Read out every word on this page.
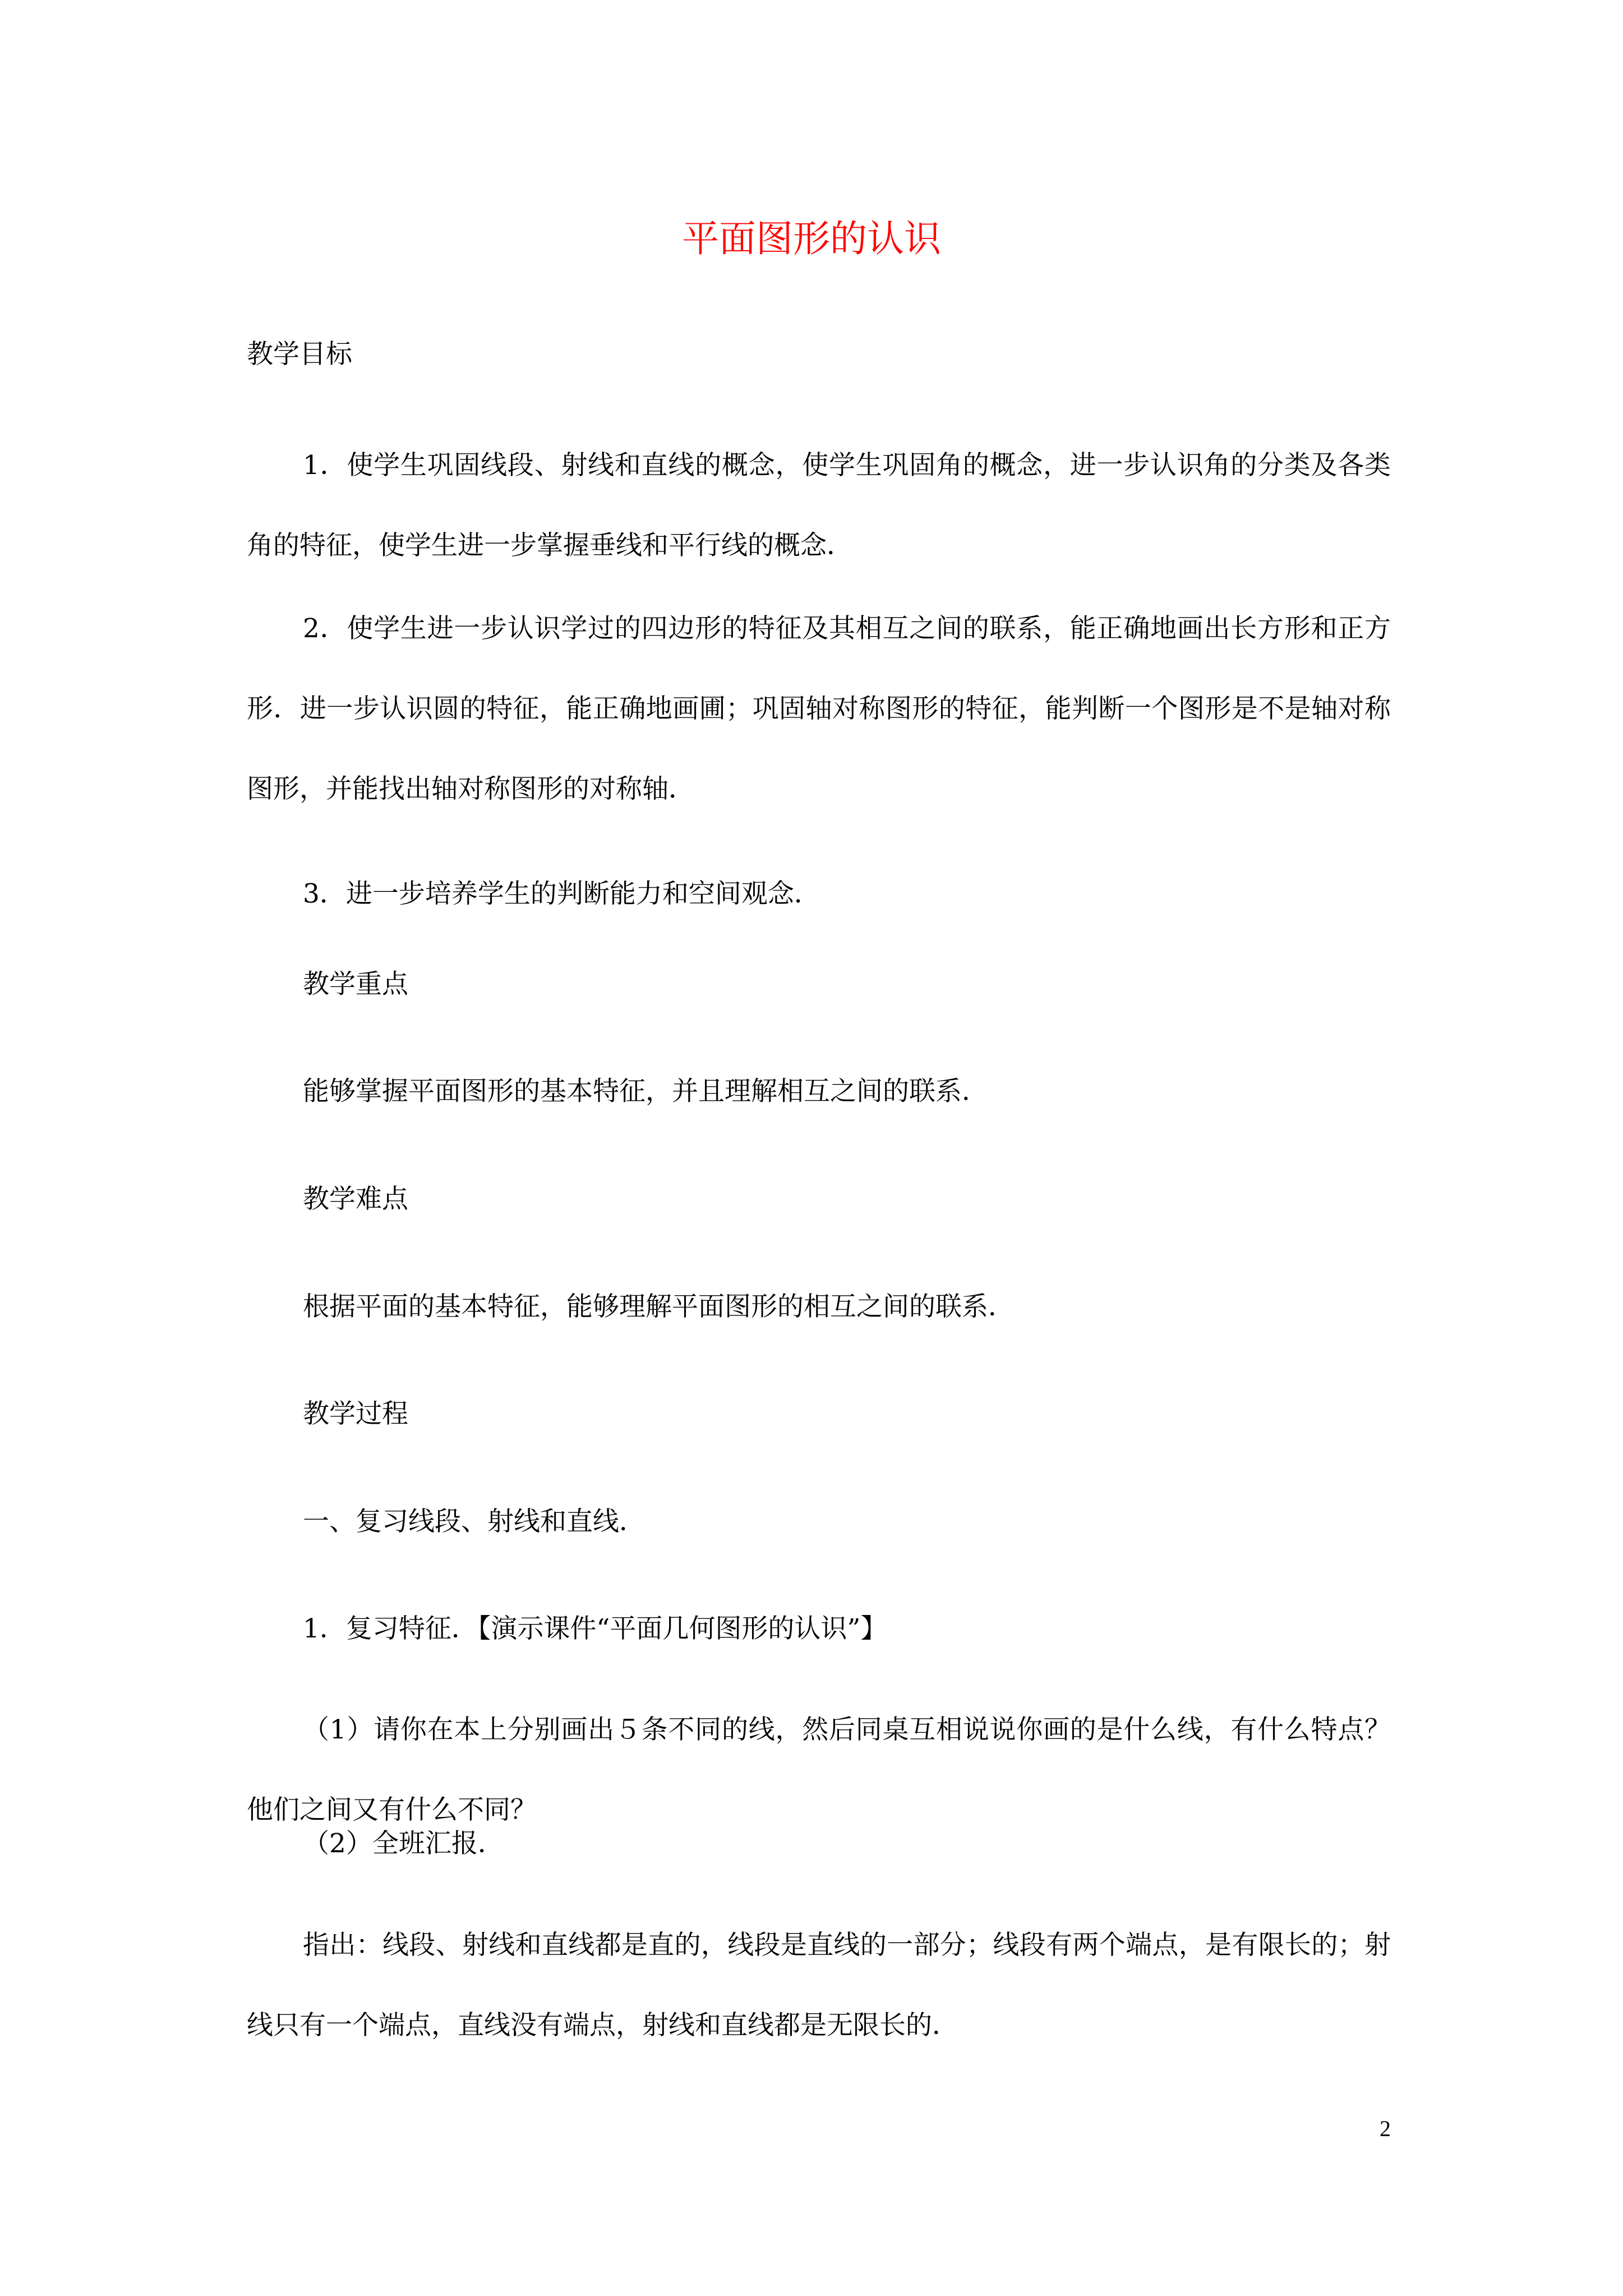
平面图形的认识
教学目标
1．使学生巩固线段、射线和直线的概念，使学生巩固角的概念，进一步认识角的分类及各类角的特征，使学生进一步掌握垂线和平行线的概念．
2．使学生进一步认识学过的四边形的特征及其相互之间的联系，能正确地画出长方形和正方形．进一步认识圆的特征，能正确地画圃；巩固轴对称图形的特征，能判断一个图形是不是轴对称图形，并能找出轴对称图形的对称轴．
3．进一步培养学生的判断能力和空间观念．
教学重点
能够掌握平面图形的基本特征，并且理解相互之间的联系．
教学难点
根据平面的基本特征，能够理解平面图形的相互之间的联系．
教学过程
一、复习线段、射线和直线．
1．复习特征．【演示课件“平面几何图形的认识”】
（1）请你在本上分别画出５条不同的线，然后同桌互相说说你画的是什么线，有什么特点？他们之间又有什么不同？
（2）全班汇报．
指出：线段、射线和直线都是直的，线段是直线的一部分；线段有两个端点，是有限长的；射线只有一个端点，直线没有端点，射线和直线都是无限长的．
2
